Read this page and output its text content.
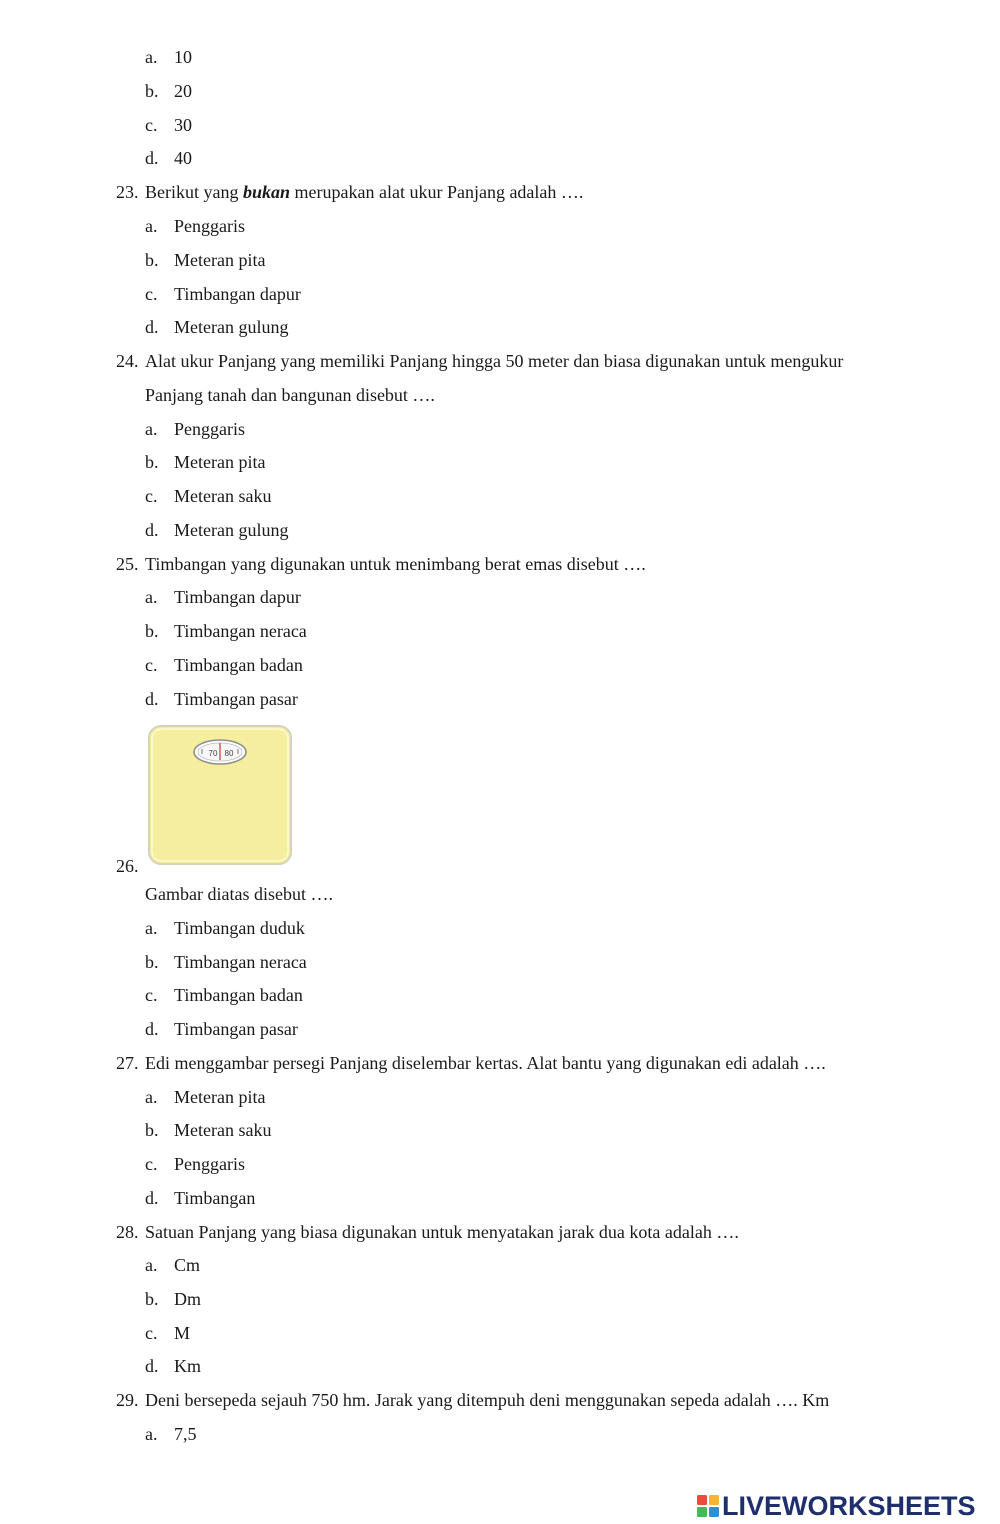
a. 10
b. 20
c. 30
d. 40
23. Berikut yang bukan merupakan alat ukur Panjang adalah ….
a. Penggaris
b. Meteran pita
c. Timbangan dapur
d. Meteran gulung
24. Alat ukur Panjang yang memiliki Panjang hingga 50 meter dan biasa digunakan untuk mengukur
Panjang tanah dan bangunan disebut ….
a. Penggaris
b. Meteran pita
c. Meteran saku
d. Meteran gulung
25. Timbangan yang digunakan untuk menimbang berat emas disebut ….
a. Timbangan dapur
b. Timbangan neraca
c. Timbangan badan
d. Timbangan pasar
70 80
26.
Gambar diatas disebut ….
a. Timbangan duduk
b. Timbangan neraca
c. Timbangan badan
d. Timbangan pasar
27. Edi menggambar persegi Panjang diselembar kertas. Alat bantu yang digunakan edi adalah ….
a. Meteran pita
b. Meteran saku
c. Penggaris
d. Timbangan
28. Satuan Panjang yang biasa digunakan untuk menyatakan jarak dua kota adalah ….
a. Cm
b. Dm
c. M
d. Km
29. Deni bersepeda sejauh 750 hm. Jarak yang ditempuh deni menggunakan sepeda adalah …. Km
a. 7,5
LIVEWORKSHEETS
